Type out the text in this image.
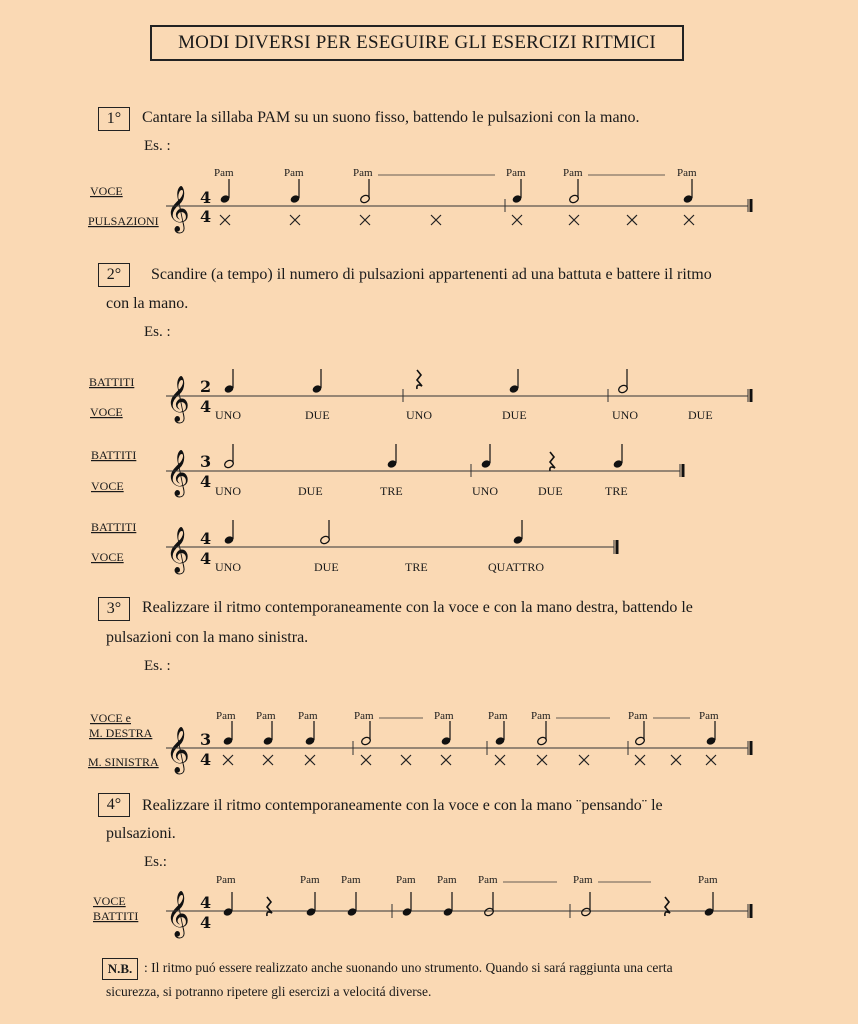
MODI DIVERSI PER ESEGUIRE GLI ESERCIZI RITMICI
1°	Cantare la sillaba PAM su un suono fisso, battendo le pulsazioni con la mano.
Es. :
2°	Scandire (a tempo) il numero di pulsazioni appartenenti ad una battuta e battere il ritmo
con la mano.
Es. :
3°	Realizzare il ritmo contemporaneamente con la voce e con la mano destra, battendo le
pulsazioni con la mano sinistra.
Es. :
4°	Realizzare il ritmo contemporaneamente con la voce e con la mano ¨pensando¨ le
pulsazioni.
Es.:
N.B. : Il ritmo puó essere realizzato anche suonando uno strumento. Quando si sará raggiunta una certa
sicurezza, si potranno ripetere gli esercizi a velocitá diverse.
VOCE
PULSAZIONI 𝄞 4
4
Pam	Pam	Pam	Pam	Pam	Pam
BATTITI
VOCE 𝄞 2
4 UNO	DUE	UNO	DUE	UNO	DUE
BATTITI
VOCE 𝄞 3
4 UNO	DUE	TRE	UNO	DUE	TRE
BATTITI
VOCE 𝄞 4
4 UNO	DUE	TRE	QUATTRO
VOCE e
M. DESTRA
M. SINISTRA 𝄞 3
4
Pam Pam Pam	Pam	Pam	Pam Pam	Pam	Pam
VOCE
BATTITI 𝄞 4
4
Pam	Pam Pam	Pam Pam Pam	Pam	Pam
